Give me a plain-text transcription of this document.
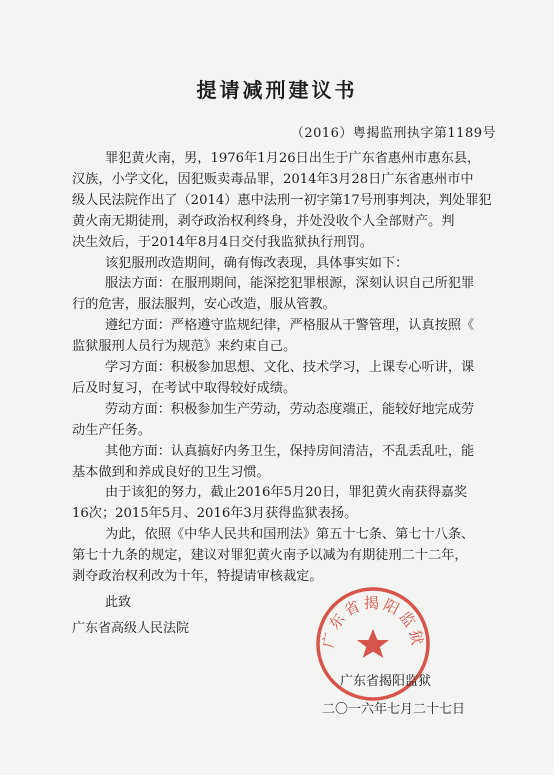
提请减刑建议书
（2016）粤揭监刑执字第1189号
罪犯黄火南，男，1976年1月26日出生于广东省惠州市惠东县，
汉族，小学文化，因犯贩卖毒品罪，2014年3月28日广东省惠州市中
级人民法院作出了（2014）惠中法刑一初字第17号刑事判决，判处罪犯
黄火南无期徒刑，剥夺政治权利终身，并处没收个人全部财产。判
决生效后，于2014年8月4日交付我监狱执行刑罚。
该犯服刑改造期间，确有悔改表现，具体事实如下：
服法方面：在服刑期间，能深挖犯罪根源，深刻认识自己所犯罪
行的危害，服法服判，安心改造，服从管教。
遵纪方面：严格遵守监规纪律，严格服从干警管理，认真按照《
监狱服刑人员行为规范》来约束自己。
学习方面：积极参加思想、文化、技术学习，上课专心听讲，课
后及时复习，在考试中取得较好成绩。
劳动方面：积极参加生产劳动，劳动态度端正，能较好地完成劳
动生产任务。
其他方面：认真搞好内务卫生，保持房间清洁，不乱丢乱吐，能
基本做到和养成良好的卫生习惯。
由于该犯的努力，截止2016年5月20日，罪犯黄火南获得嘉奖
16次；2015年5月、2016年3月获得监狱表扬。
为此，依照《中华人民共和国刑法》第五十七条、第七十八条、
第七十九条的规定，建议对罪犯黄火南予以减为有期徒刑二十二年，
剥夺政治权利改为十年，特提请审核裁定。
此致
广东省高级人民法院
广东省揭阳监狱
广东省揭阳监狱
二〇一六年七月二十七日
